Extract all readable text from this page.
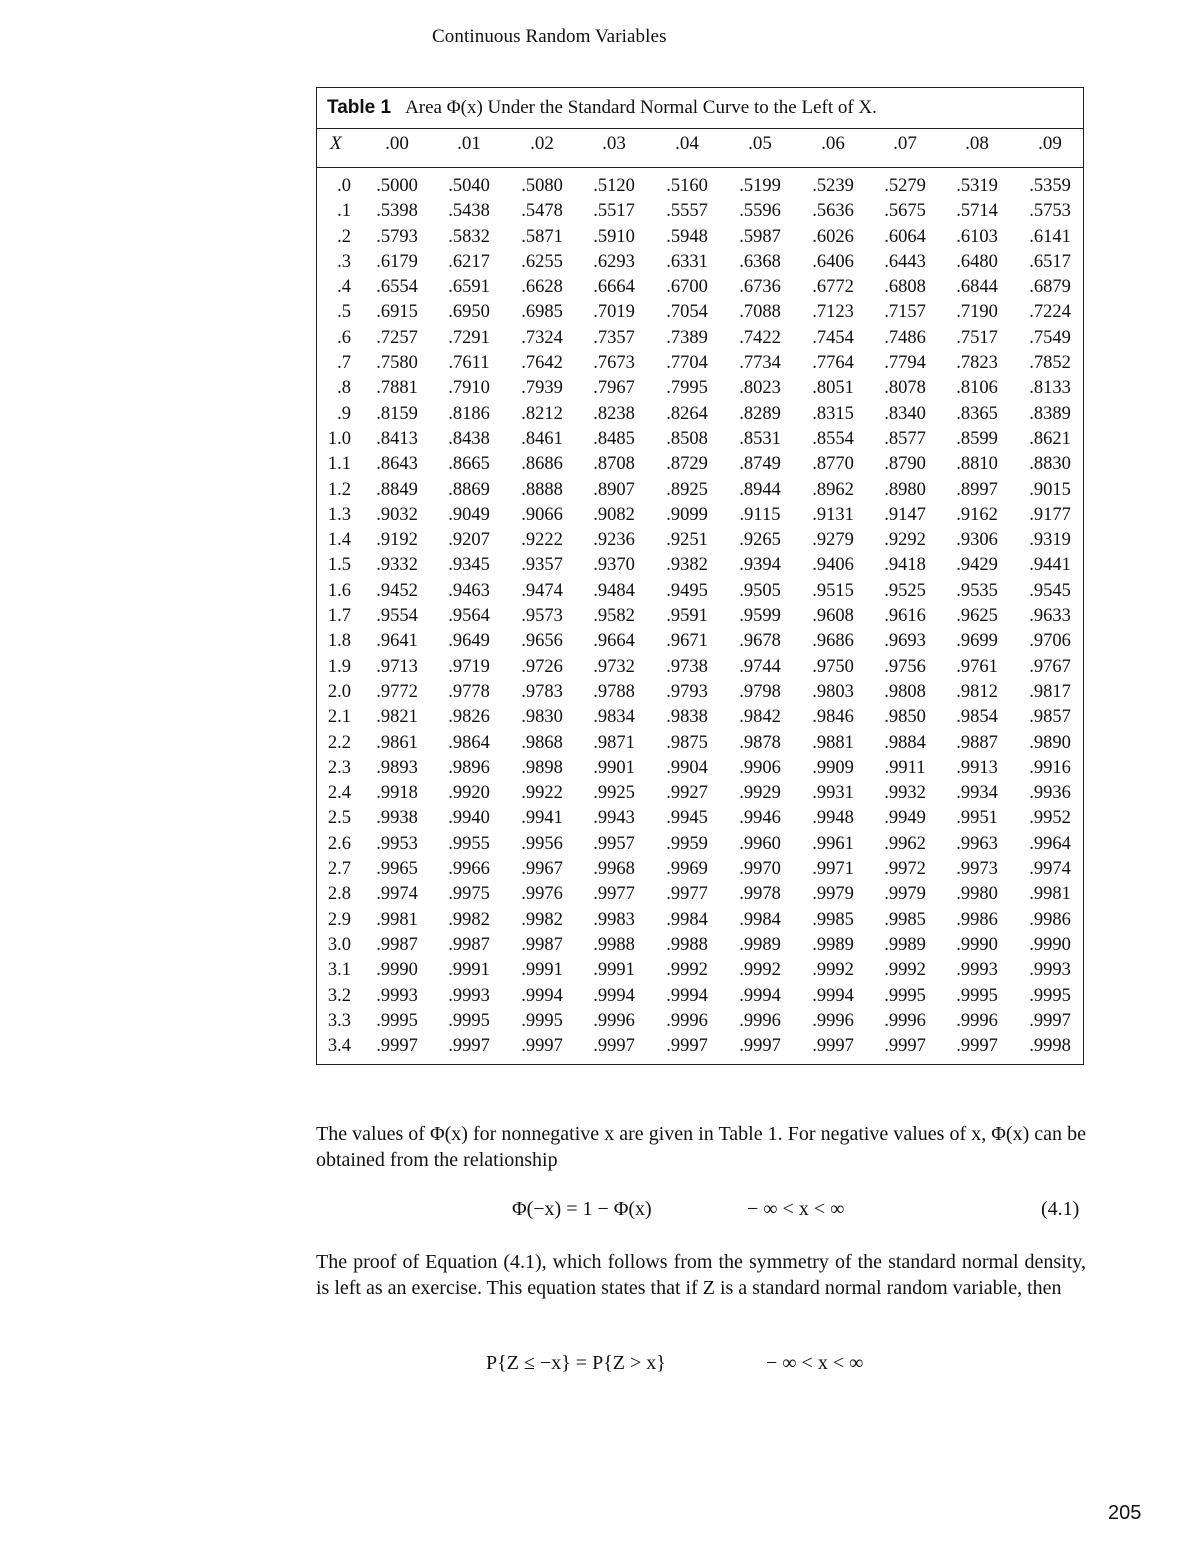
Continuous Random Variables
Table 1 Area Φ(x) Under the Standard Normal Curve to the Left of X.
X	.00	.01	.02	.03	.04	.05	.06	.07	.08	.09
.0	.5000	.5040	.5080	.5120	.5160	.5199	.5239	.5279	.5319	.5359
.1	.5398	.5438	.5478	.5517	.5557	.5596	.5636	.5675	.5714	.5753
.2	.5793	.5832	.5871	.5910	.5948	.5987	.6026	.6064	.6103	.6141
.3	.6179	.6217	.6255	.6293	.6331	.6368	.6406	.6443	.6480	.6517
.4	.6554	.6591	.6628	.6664	.6700	.6736	.6772	.6808	.6844	.6879
.5	.6915	.6950	.6985	.7019	.7054	.7088	.7123	.7157	.7190	.7224
.6	.7257	.7291	.7324	.7357	.7389	.7422	.7454	.7486	.7517	.7549
.7	.7580	.7611	.7642	.7673	.7704	.7734	.7764	.7794	.7823	.7852
.8	.7881	.7910	.7939	.7967	.7995	.8023	.8051	.8078	.8106	.8133
.9	.8159	.8186	.8212	.8238	.8264	.8289	.8315	.8340	.8365	.8389
1.0	.8413	.8438	.8461	.8485	.8508	.8531	.8554	.8577	.8599	.8621
1.1	.8643	.8665	.8686	.8708	.8729	.8749	.8770	.8790	.8810	.8830
1.2	.8849	.8869	.8888	.8907	.8925	.8944	.8962	.8980	.8997	.9015
1.3	.9032	.9049	.9066	.9082	.9099	.9115	.9131	.9147	.9162	.9177
1.4	.9192	.9207	.9222	.9236	.9251	.9265	.9279	.9292	.9306	.9319
1.5	.9332	.9345	.9357	.9370	.9382	.9394	.9406	.9418	.9429	.9441
1.6	.9452	.9463	.9474	.9484	.9495	.9505	.9515	.9525	.9535	.9545
1.7	.9554	.9564	.9573	.9582	.9591	.9599	.9608	.9616	.9625	.9633
1.8	.9641	.9649	.9656	.9664	.9671	.9678	.9686	.9693	.9699	.9706
1.9	.9713	.9719	.9726	.9732	.9738	.9744	.9750	.9756	.9761	.9767
2.0	.9772	.9778	.9783	.9788	.9793	.9798	.9803	.9808	.9812	.9817
2.1	.9821	.9826	.9830	.9834	.9838	.9842	.9846	.9850	.9854	.9857
2.2	.9861	.9864	.9868	.9871	.9875	.9878	.9881	.9884	.9887	.9890
2.3	.9893	.9896	.9898	.9901	.9904	.9906	.9909	.9911	.9913	.9916
2.4	.9918	.9920	.9922	.9925	.9927	.9929	.9931	.9932	.9934	.9936
2.5	.9938	.9940	.9941	.9943	.9945	.9946	.9948	.9949	.9951	.9952
2.6	.9953	.9955	.9956	.9957	.9959	.9960	.9961	.9962	.9963	.9964
2.7	.9965	.9966	.9967	.9968	.9969	.9970	.9971	.9972	.9973	.9974
2.8	.9974	.9975	.9976	.9977	.9977	.9978	.9979	.9979	.9980	.9981
2.9	.9981	.9982	.9982	.9983	.9984	.9984	.9985	.9985	.9986	.9986
3.0	.9987	.9987	.9987	.9988	.9988	.9989	.9989	.9989	.9990	.9990
3.1	.9990	.9991	.9991	.9991	.9992	.9992	.9992	.9992	.9993	.9993
3.2	.9993	.9993	.9994	.9994	.9994	.9994	.9994	.9995	.9995	.9995
3.3	.9995	.9995	.9995	.9996	.9996	.9996	.9996	.9996	.9996	.9997
3.4	.9997	.9997	.9997	.9997	.9997	.9997	.9997	.9997	.9997	.9998
The values of Φ(x) for nonnegative x are given in Table 1. For negative values of x, Φ(x) can be obtained from the relationship
Φ(−x) = 1 − Φ(x)	− ∞ < x < ∞	(4.1)
The proof of Equation (4.1), which follows from the symmetry of the standard normal density, is left as an exercise. This equation states that if Z is a standard normal random variable, then
P{Z ≤ −x} = P{Z > x}	− ∞ < x < ∞
205
